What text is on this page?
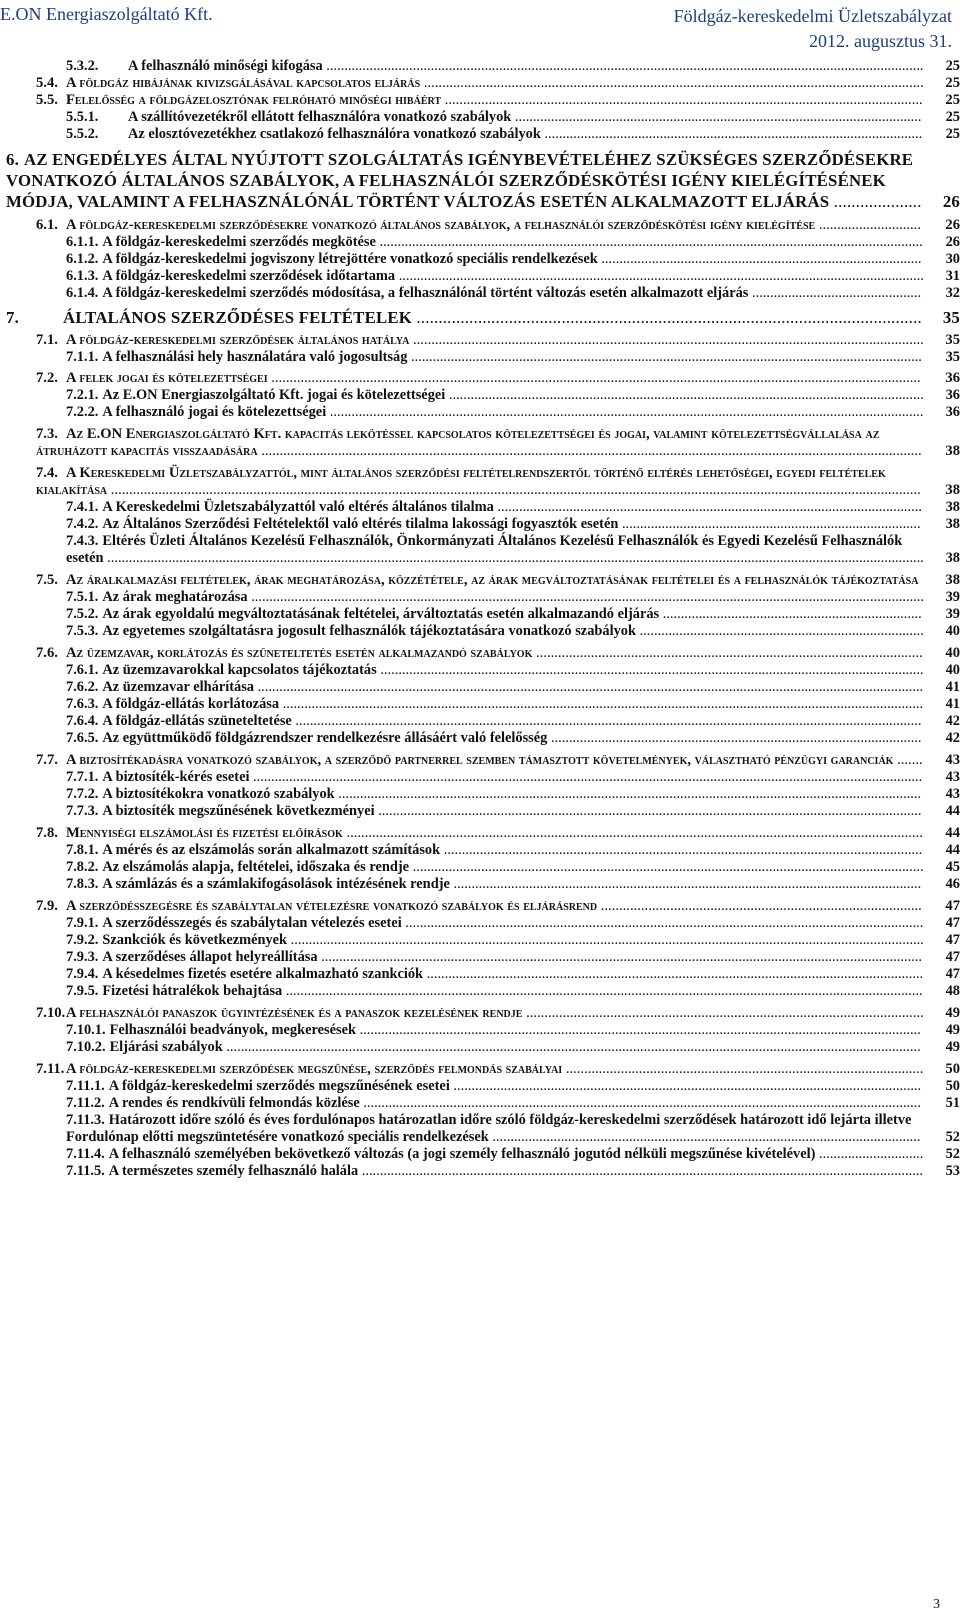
E.ON Energiaszolgáltató Kft.	Földgáz-kereskedelmi Üzletszabályzat
2012. augusztus 31.
5.3.2. A felhasználó minőségi kifogása ......................................................................................................................................................................	25
5.4. A földgáz hibájának kivizsgálásával kapcsolatos eljárás .........................................................................................................................................	25
5.5. Felelősség a földgázelosztónak felróható minőségi hibáért ...................................................................................................................................	25
5.5.1. A szállítóvezetékről ellátott felhasználóra vonatkozó szabályok .................................................................................................................	25
5.5.2. Az elosztóvezetékhez csatlakozó felhasználóra vonatkozó szabályok .........................................................................................................	25
6. AZ ENGEDÉLYES ÁLTAL NYÚJTOTT SZOLGÁLTATÁS IGÉNYBEVÉTELÉHEZ SZÜKSÉGES SZERZŐDÉSEKRE VONATKOZÓ ÁLTALÁNOS SZABÁLYOK, A FELHASZNÁLÓI SZERZŐDÉSKÖTÉSI IGÉNY KIELÉGÍTÉSÉNEK MÓDJA, VALAMINT A FELHASZNÁLÓNÁL TÖRTÉNT VÁLTOZÁS ESETÉN ALKALMAZOTT ELJÁRÁS ....................	26
6.1. A földgáz-kereskedelmi szerződésekre vonatkozó általános szabályok, a felhasználói szerződéskötési igény kielégítése ............................	26
6.1.1. A földgáz-kereskedelmi szerződés megkötése .......................................................................................................................................................	26
6.1.2. A földgáz-kereskedelmi jogviszony létrejöttére vonatkozó speciális rendelkezések .........................................................................................	30
6.1.3. A földgáz-kereskedelmi szerződések időtartama ..................................................................................................................................................	31
6.1.4. A földgáz-kereskedelmi szerződés módosítása, a felhasználónál történt változás esetén alkalmazott eljárás ...............................................	32
7.	ÁLTALÁNOS SZERZŐDÉSES FELTÉTELEK ...................................................................................................................	35
7.1. A földgáz-kereskedelmi szerződések általános hatálya ............................................................................................................................................	35
7.1.1. A felhasználási hely használatára való jogosultság ..............................................................................................................................................	35
7.2. A felek jogai és kötelezettségei ..................................................................................................................................................................................	36
7.2.1. Az E.ON Energiaszolgáltató Kft. jogai és kötelezettségei ....................................................................................................................................	36
7.2.2. A felhasználó jogai és kötelezettségei .....................................................................................................................................................................	36
7.3. Az E.ON Energiaszolgáltató Kft. kapacitás lekötéssel kapcsolatos kötelezettségei és jogai, valamint kötelezettségvállalása az átruházott kapacitás visszaadására .....................................................................................................................................................................................	38
7.4. A Kereskedelmi Üzletszabályzattól, mint általános szerződési feltételrendszertől történő eltérés lehetőségei, egyedi feltételek kialakítása ..............................................................................................................................................................................................................................	38
7.4.1. A Kereskedelmi Üzletszabályzattól való eltérés általános tilalma ......................................................................................................................	38
7.4.2. Az Általános Szerződési Feltételektől való eltérés tilalma lakossági fogyasztók esetén ...................................................................................	38
7.4.3. Eltérés Üzleti Általános Kezelésű Felhasználók, Önkormányzati Általános Kezelésű Felhasználók és Egyedi Kezelésű Felhasználók esetén ...................................................................................................................................................................................................................................	38
7.5. Az áralkalmazási feltételek, árak meghatározása, közzététele, az árak megváltoztatásának feltételei és a felhasználók tájékoztatása	38
7.5.1. Az árak meghatározása ...........................................................................................................................................................................................	39
7.5.2. Az árak egyoldalú megváltoztatásának feltételei, árváltoztatás esetén alkalmazandó eljárás ........................................................................	39
7.5.3. Az egyetemes szolgáltatásra jogosult felhasználók tájékoztatására vonatkozó szabályok ...............................................................................	40
7.6. Az üzemzavar, korlátozás és szüneteltetés esetén alkalmazandó szabályok ..........................................................................................................	40
7.6.1. Az üzemzavarokkal kapcsolatos tájékoztatás .......................................................................................................................................................	40
7.6.2. Az üzemzavar elhárítása .........................................................................................................................................................................................	41
7.6.3. A földgáz-ellátás korlátozása ..................................................................................................................................................................................	41
7.6.4. A földgáz-ellátás szüneteltetése ..............................................................................................................................................................................	42
7.6.5. Az együttműködő földgázrendszer rendelkezésre állásáért való felelősség .......................................................................................................	42
7.7. A biztosítékadásra vonatkozó szabályok, a szerződő partnerrel szemben támasztott követelmények, választható pénzügyi garanciák .......	43
7.7.1. A biztosíték-kérés esetei ..........................................................................................................................................................................................	43
7.7.2. A biztosítékokra vonatkozó szabályok ..................................................................................................................................................................	43
7.7.3. A biztosíték megszűnésének következményei .......................................................................................................................................................	44
7.8. Mennyiségi elszámolási és fizetési előírások ..............................................................................................................................................................	44
7.8.1. A mérés és az elszámolás során alkalmazott számítások .....................................................................................................................................	44
7.8.2. Az elszámolás alapja, feltételei, időszaka és rendje ..............................................................................................................................................	45
7.8.3. A számlázás és a számlakifogásolások intézésének rendje ..................................................................................................................................	46
7.9. A szerződésszegésre és szabálytalan vételezésre vonatkozó szabályok és eljárásrend ........................................................................................	47
7.9.1. A szerződésszegés és szabálytalan vételezés esetei ................................................................................................................................................	47
7.9.2. Szankciók és következmények ................................................................................................................................................................................	47
7.9.3. A szerződéses állapot helyreállítása .......................................................................................................................................................................	47
7.9.4. A késedelmes fizetés esetére alkalmazható szankciók ..........................................................................................................................................	47
7.9.5. Fizetési hátralékok behajtása .................................................................................................................................................................................	48
7.10.A felhasználói panaszok ügyintézésének és a panaszok kezelésének rendje .............................................................................................................	49
7.10.1. Felhasználói beadványok, megkeresések ............................................................................................................................................................	49
7.10.2. Eljárási szabályok .................................................................................................................................................................................................	49
7.11. A földgáz-kereskedelmi szerződések megszűnése, szerződés felmondás szabályai ..................................................................................................	50
7.11.1. A földgáz-kereskedelmi szerződés megszűnésének esetei ..................................................................................................................................	50
7.11.2. A rendes és rendkívüli felmondás közlése ...........................................................................................................................................................	51
7.11.3. Határozott időre szóló és éves fordulónapos határozatlan időre szóló földgáz-kereskedelmi szerződések határozott idő lejárta illetve Fordulónap előtti megszüntetésére vonatkozó speciális rendelkezések .......................................................................................................................	52
7.11.4. A felhasználó személyében bekövetkező változás (a jogi személy felhasználó jogutód nélküli megszűnése kivételével) .............................	52
7.11.5. A természetes személy felhasználó halála ............................................................................................................................................................	53
3
